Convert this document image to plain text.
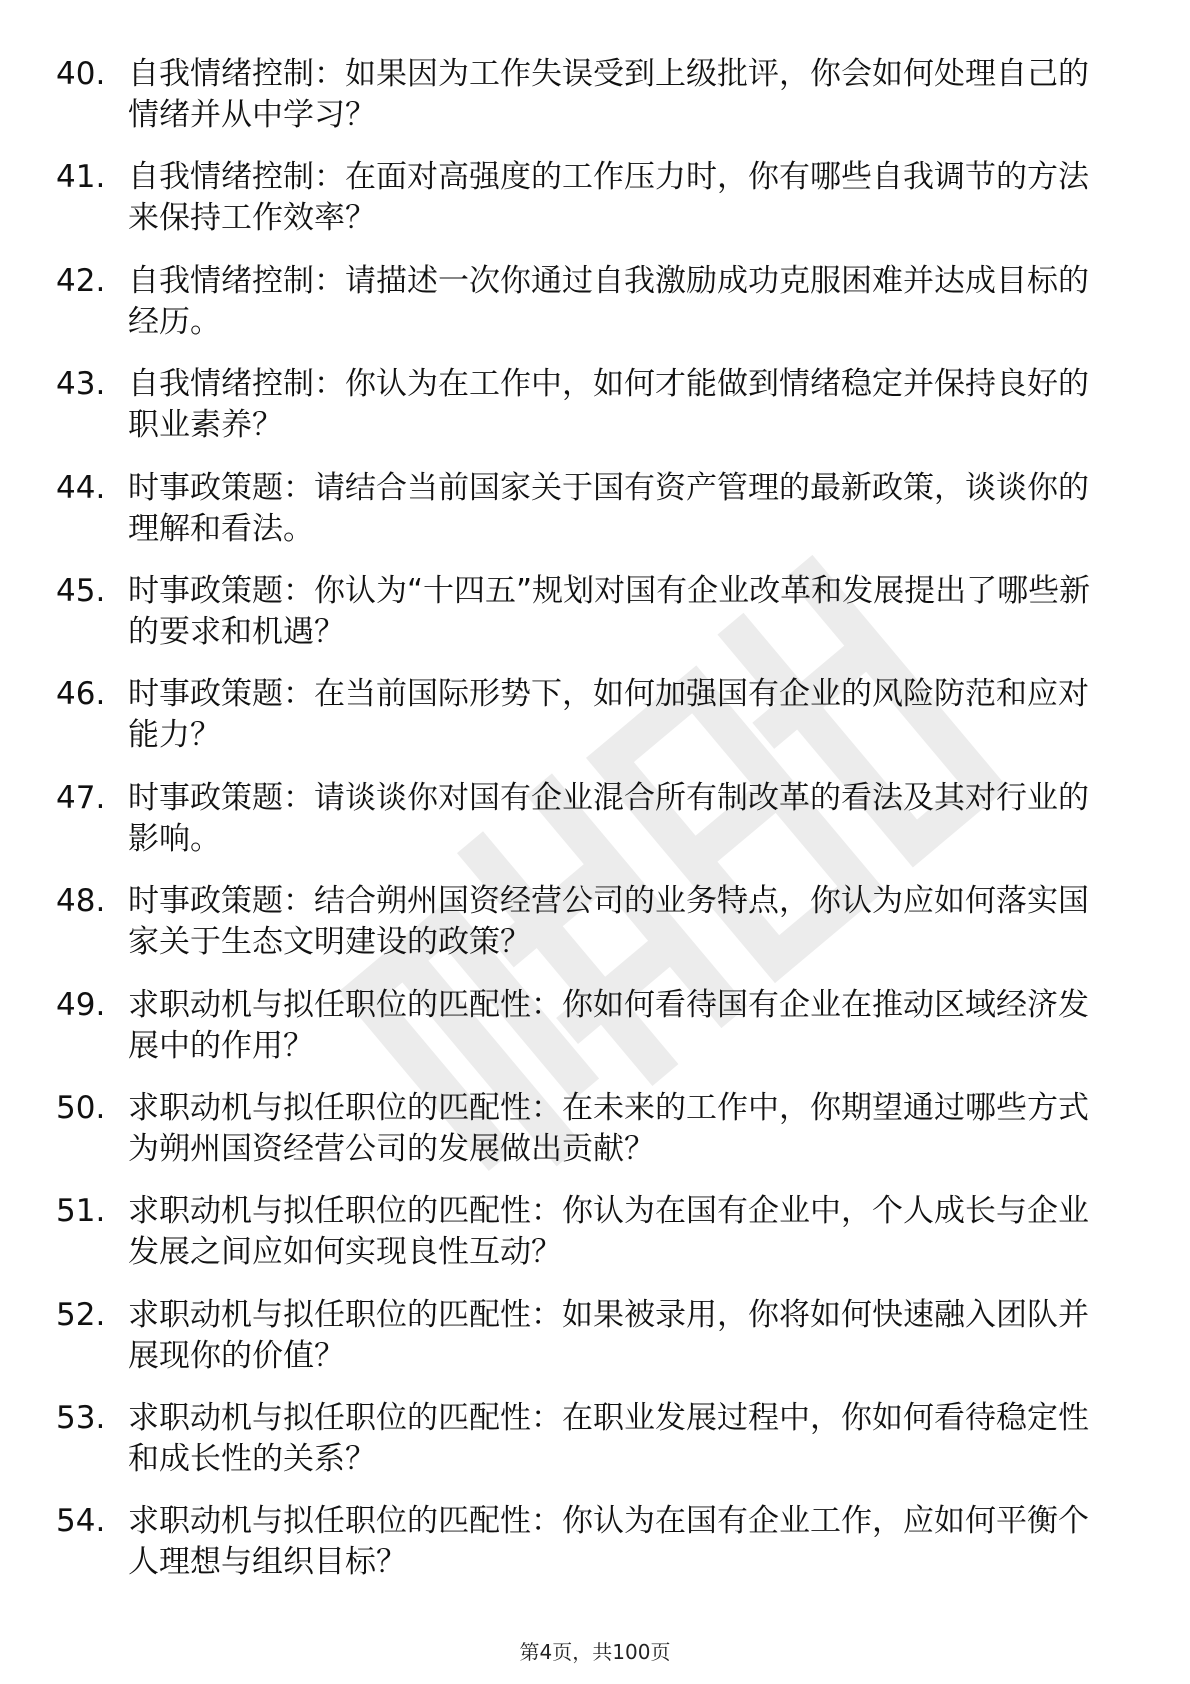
40. 自我情绪控制：如果因为工作失误受到上级批评，你会如何处理自己的情绪并从中学习？
41. 自我情绪控制：在面对高强度的工作压力时，你有哪些自我调节的方法来保持工作效率？
42. 自我情绪控制：请描述一次你通过自我激励成功克服困难并达成目标的经历。
43. 自我情绪控制：你认为在工作中，如何才能做到情绪稳定并保持良好的职业素养？
44. 时事政策题：请结合当前国家关于国有资产管理的最新政策，谈谈你的理解和看法。
45. 时事政策题：你认为“十四五”规划对国有企业改革和发展提出了哪些新的要求和机遇？
46. 时事政策题：在当前国际形势下，如何加强国有企业的风险防范和应对能力？
47. 时事政策题：请谈谈你对国有企业混合所有制改革的看法及其对行业的影响。
48. 时事政策题：结合朔州国资经营公司的业务特点，你认为应如何落实国家关于生态文明建设的政策？
49. 求职动机与拟任职位的匹配性：你如何看待国有企业在推动区域经济发展中的作用？
50. 求职动机与拟任职位的匹配性：在未来的工作中，你期望通过哪些方式为朔州国资经营公司的发展做出贡献？
51. 求职动机与拟任职位的匹配性：你认为在国有企业中，个人成长与企业发展之间应如何实现良性互动？
52. 求职动机与拟任职位的匹配性：如果被录用，你将如何快速融入团队并展现你的价值？
53. 求职动机与拟任职位的匹配性：在职业发展过程中，你如何看待稳定性和成长性的关系？
54. 求职动机与拟任职位的匹配性：你认为在国有企业工作，应如何平衡个人理想与组织目标？
第4页，共100页
